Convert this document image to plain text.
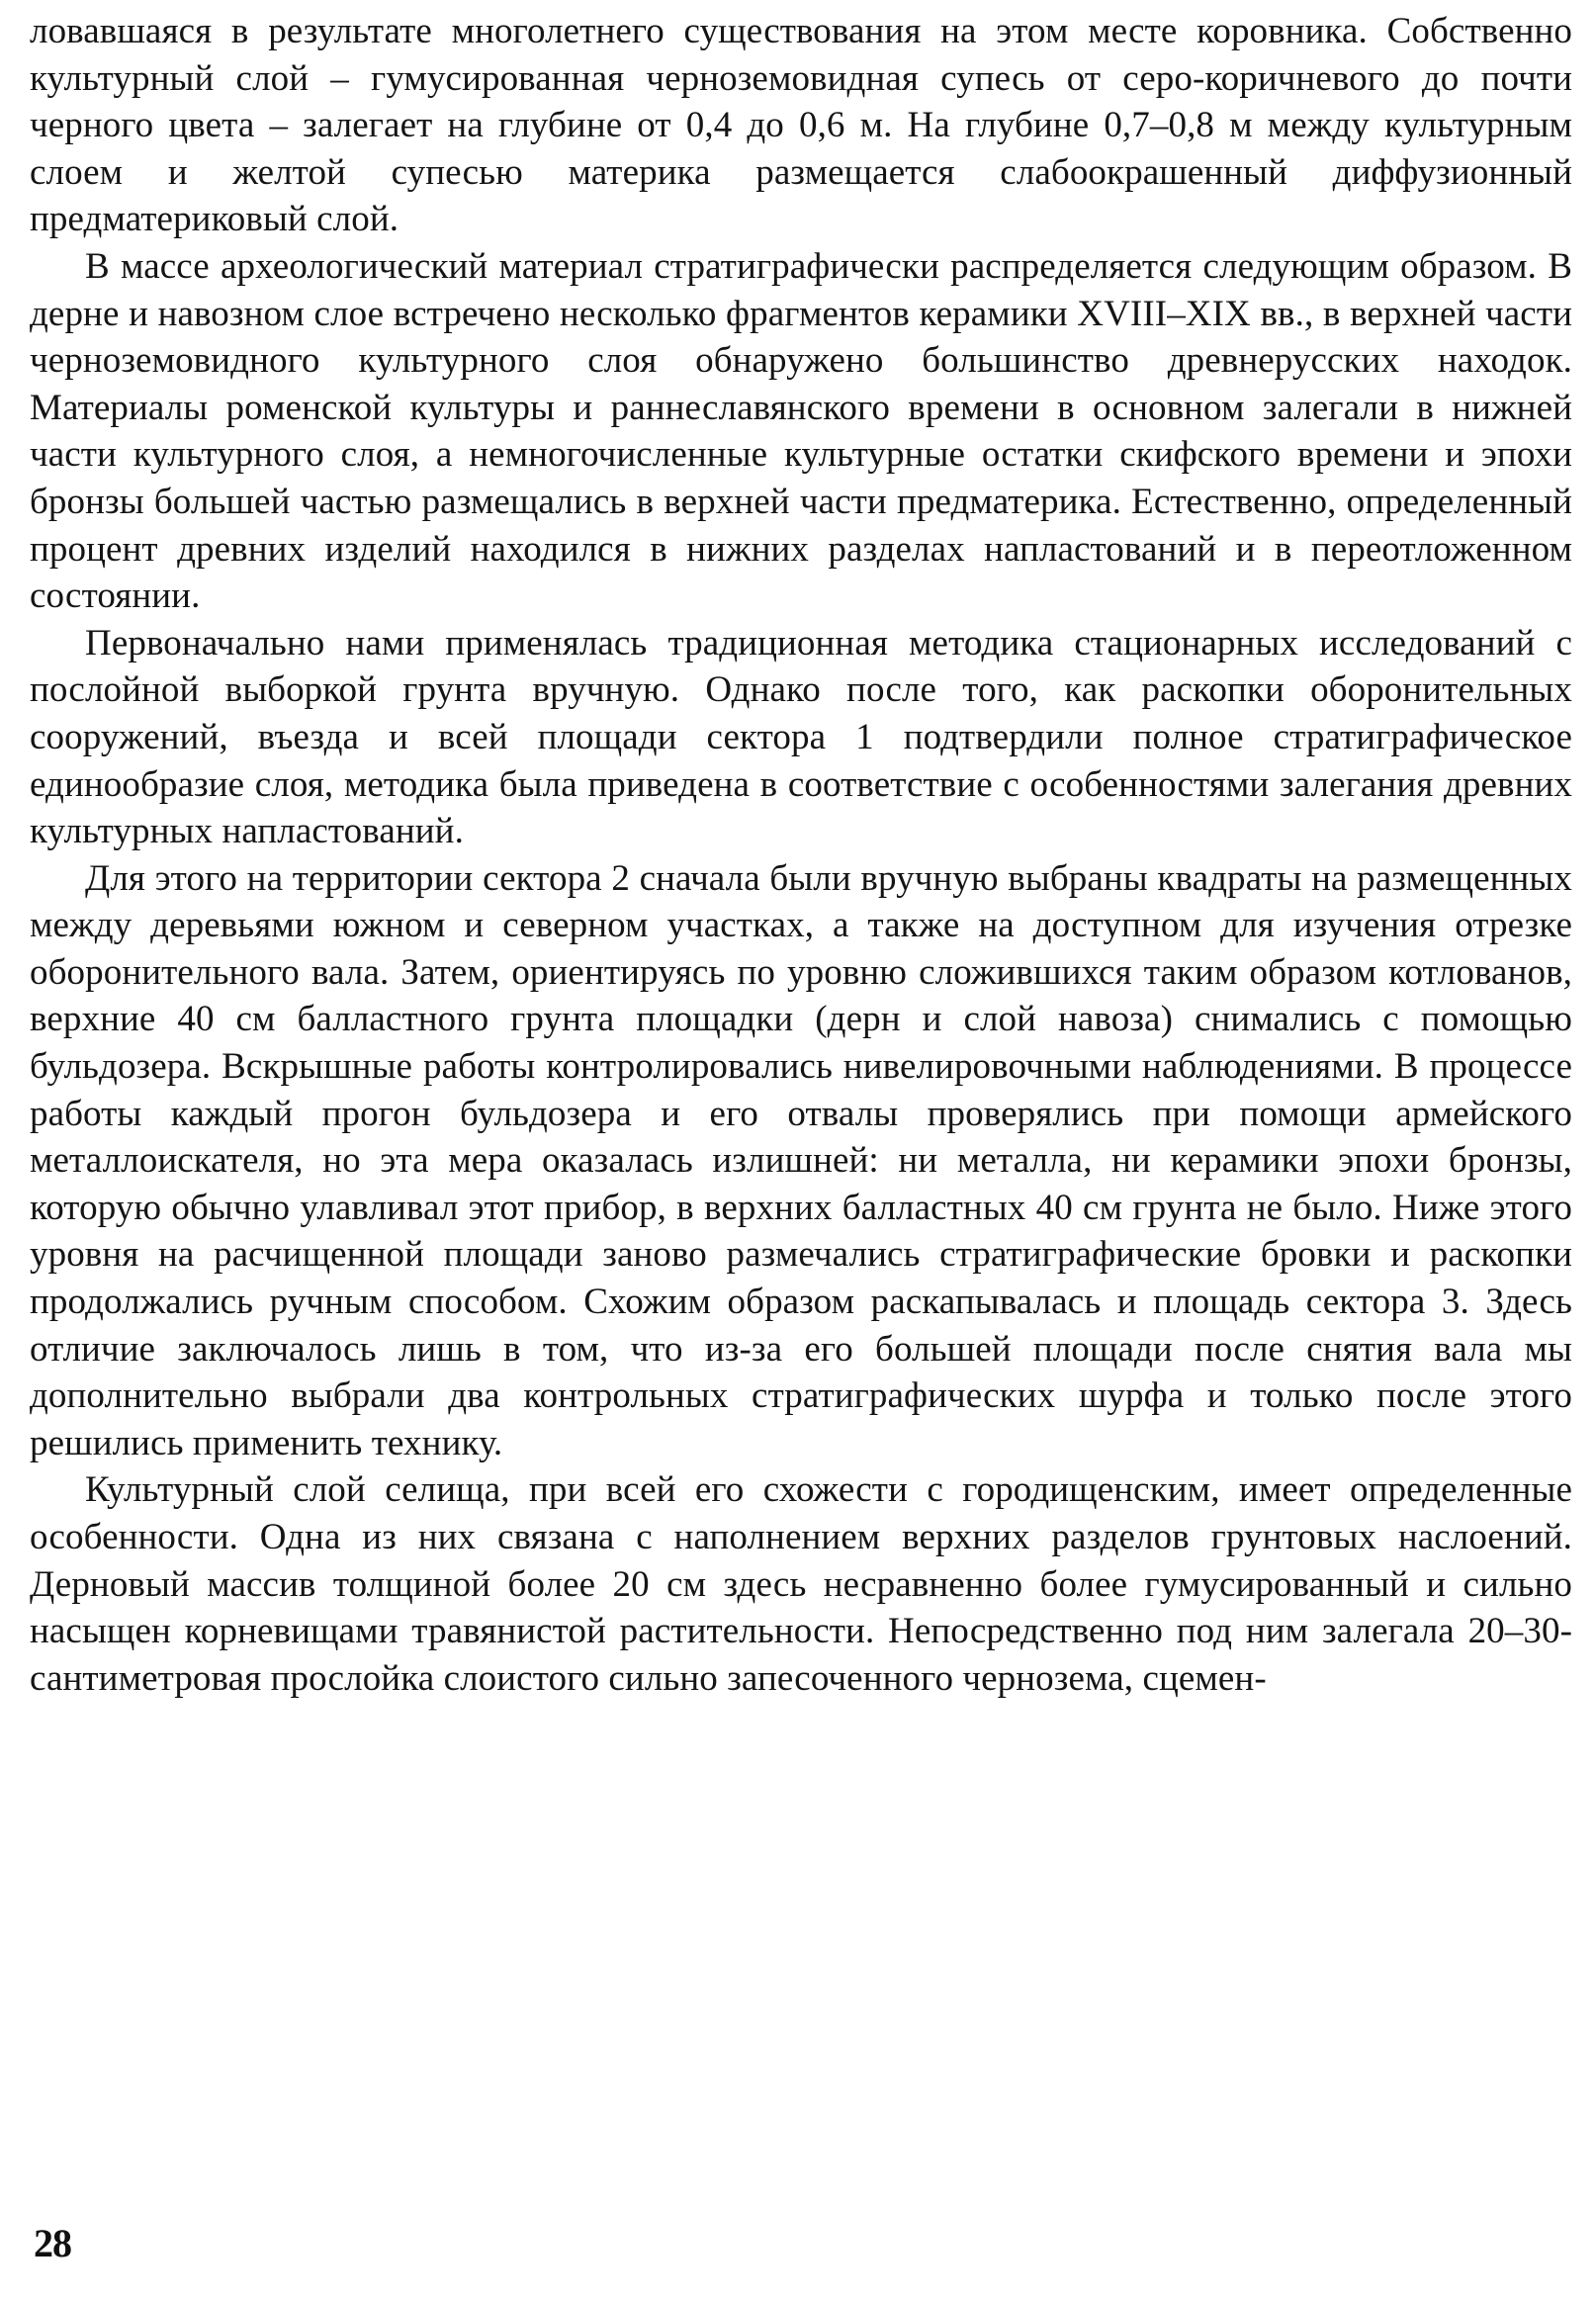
ловавшаяся в результате многолетнего существования на этом месте коровника. Собственно культурный слой – гумусированная черноземовидная супесь от серо-коричневого до почти черного цвета – залегает на глубине от 0,4 до 0,6 м. На глубине 0,7–0,8 м между культурным слоем и желтой супесью материка размещается слабоокрашенный диффузионный предматериковый слой.

В массе археологический материал стратиграфически распределяется следующим образом. В дерне и навозном слое встречено несколько фрагментов керамики XVIII–XIX вв., в верхней части черноземовидного культурного слоя обнаружено большинство древнерусских находок. Материалы роменской культуры и раннеславянского времени в основном залегали в нижней части культурного слоя, а немногочисленные культурные остатки скифского времени и эпохи бронзы большей частью размещались в верхней части предматерика. Естественно, определенный процент древних изделий находился в нижних разделах напластований и в переотложенном состоянии.

Первоначально нами применялась традиционная методика стационарных исследований с послойной выборкой грунта вручную. Однако после того, как раскопки оборонительных сооружений, въезда и всей площади сектора 1 подтвердили полное стратиграфическое единообразие слоя, методика была приведена в соответствие с особенностями залегания древних культурных напластований.

Для этого на территории сектора 2 сначала были вручную выбраны квадраты на размещенных между деревьями южном и северном участках, а также на доступном для изучения отрезке оборонительного вала. Затем, ориентируясь по уровню сложившихся таким образом котлованов, верхние 40 см балластного грунта площадки (дерн и слой навоза) снимались с помощью бульдозера. Вскрышные работы контролировались нивелировочными наблюдениями. В процессе работы каждый прогон бульдозера и его отвалы проверялись при помощи армейского металлоискателя, но эта мера оказалась излишней: ни металла, ни керамики эпохи бронзы, которую обычно улавливал этот прибор, в верхних балластных 40 см грунта не было. Ниже этого уровня на расчищенной площади заново размечались стратиграфические бровки и раскопки продолжались ручным способом. Схожим образом раскапывалась и площадь сектора 3. Здесь отличие заключалось лишь в том, что из-за его большей площади после снятия вала мы дополнительно выбрали два контрольных стратиграфических шурфа и только после этого решились применить технику.

Культурный слой селища, при всей его схожести с городищенским, имеет определенные особенности. Одна из них связана с наполнением верхних разделов грунтовых наслоений. Дерновый массив толщиной более 20 см здесь несравненно более гумусированный и сильно насыщен корневищами травянистой растительности. Непосредственно под ним залегала 20–30-сантиметровая прослойка слоистого сильно запесоченного чернозема, сцемен-

28
